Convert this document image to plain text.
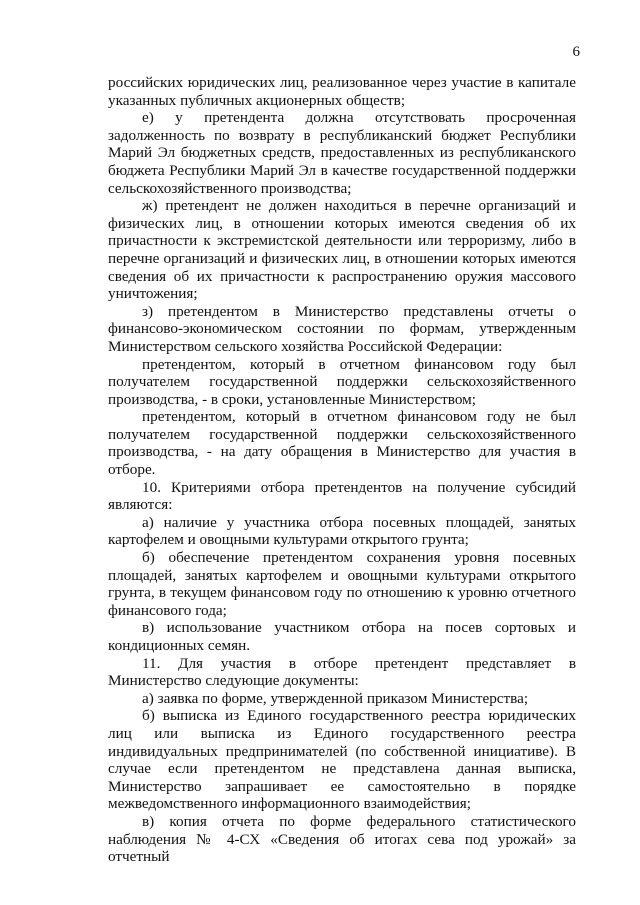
6

российских юридических лиц, реализованное через участие в капитале указанных публичных акционерных обществ;

е) у претендента должна отсутствовать просроченная задолженность по возврату в республиканский бюджет Республики Марий Эл бюджетных средств, предоставленных из республиканского бюджета Республики Марий Эл в качестве государственной поддержки сельскохозяйственного производства;

ж) претендент не должен находиться в перечне организаций и физических лиц, в отношении которых имеются сведения об их причастности к экстремистской деятельности или терроризму, либо в перечне организаций и физических лиц, в отношении которых имеются сведения об их причастности к распространению оружия массового уничтожения;

з) претендентом в Министерство представлены отчеты о финансово-экономическом состоянии по формам, утвержденным Министерством сельского хозяйства Российской Федерации:

претендентом, который в отчетном финансовом году был получателем государственной поддержки сельскохозяйственного производства, - в сроки, установленные Министерством;

претендентом, который в отчетном финансовом году не был получателем государственной поддержки сельскохозяйственного производства, - на дату обращения в Министерство для участия в отборе.

10. Критериями отбора претендентов на получение субсидий являются:

а) наличие у участника отбора посевных площадей, занятых картофелем и овощными культурами открытого грунта;

б) обеспечение претендентом сохранения уровня посевных площадей, занятых картофелем и овощными культурами открытого грунта, в текущем финансовом году по отношению к уровню отчетного финансового года;

в) использование участником отбора на посев сортовых и кондиционных семян.

11. Для участия в отборе претендент представляет в Министерство следующие документы:

а) заявка по форме, утвержденной приказом Министерства;

б) выписка из Единого государственного реестра юридических лиц или выписка из Единого государственного реестра индивидуальных предпринимателей (по собственной инициативе). В случае если претендентом не представлена данная выписка, Министерство запрашивает ее самостоятельно в порядке межведомственного информационного взаимодействия;

в) копия отчета по форме федерального статистического наблюдения № 4-СХ «Сведения об итогах сева под урожай» за отчетный
